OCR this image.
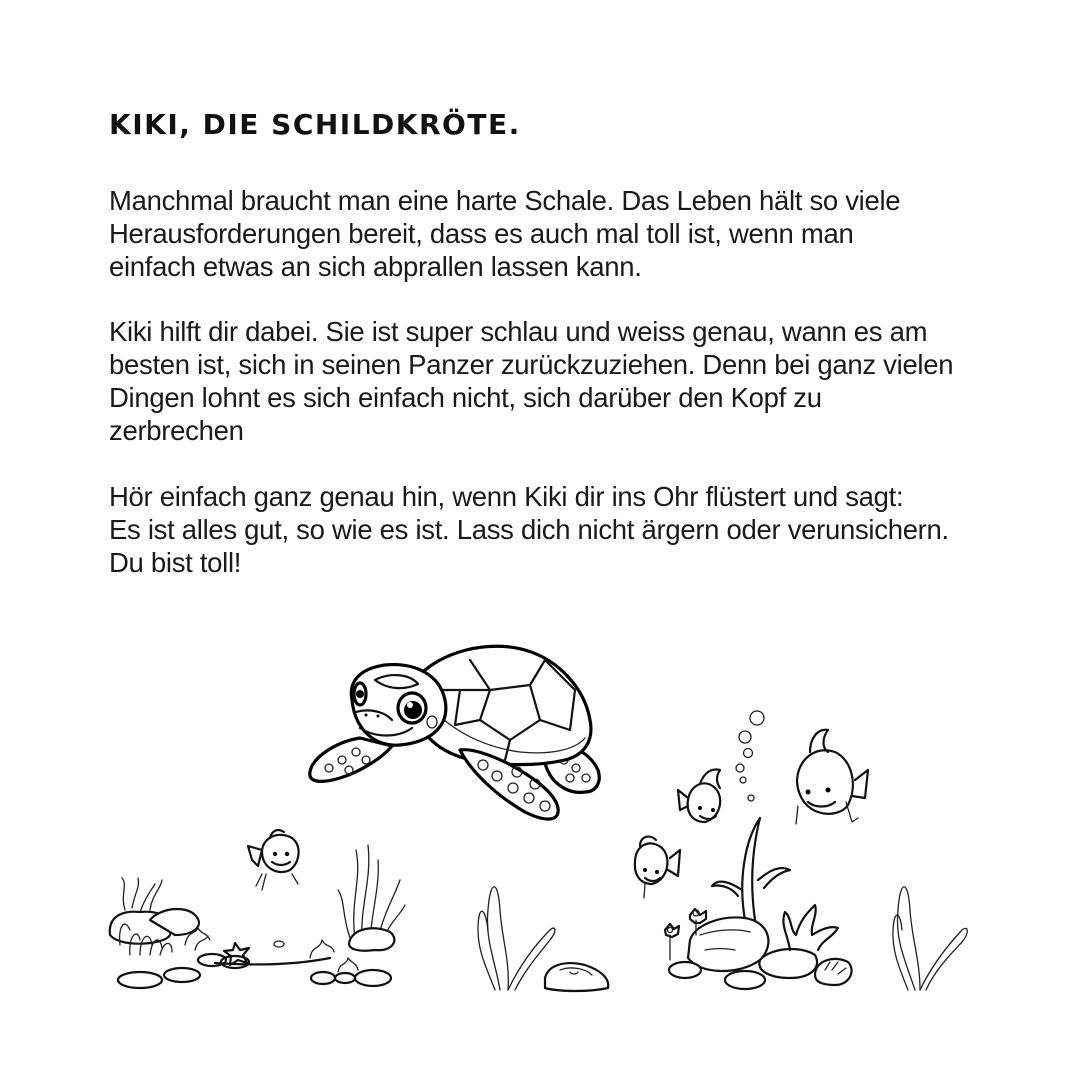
KIKI, DIE SCHILDKRÖTE.

Manchmal braucht man eine harte Schale. Das Leben hält so viele
Herausforderungen bereit, dass es auch mal toll ist, wenn man
einfach etwas an sich abprallen lassen kann.

Kiki hilft dir dabei. Sie ist super schlau und weiss genau, wann es am
besten ist, sich in seinen Panzer zurückzuziehen. Denn bei ganz vielen
Dingen lohnt es sich einfach nicht, sich darüber den Kopf zu
zerbrechen

Hör einfach ganz genau hin, wenn Kiki dir ins Ohr flüstert und sagt:
Es ist alles gut, so wie es ist. Lass dich nicht ärgern oder verunsichern.
Du bist toll!
